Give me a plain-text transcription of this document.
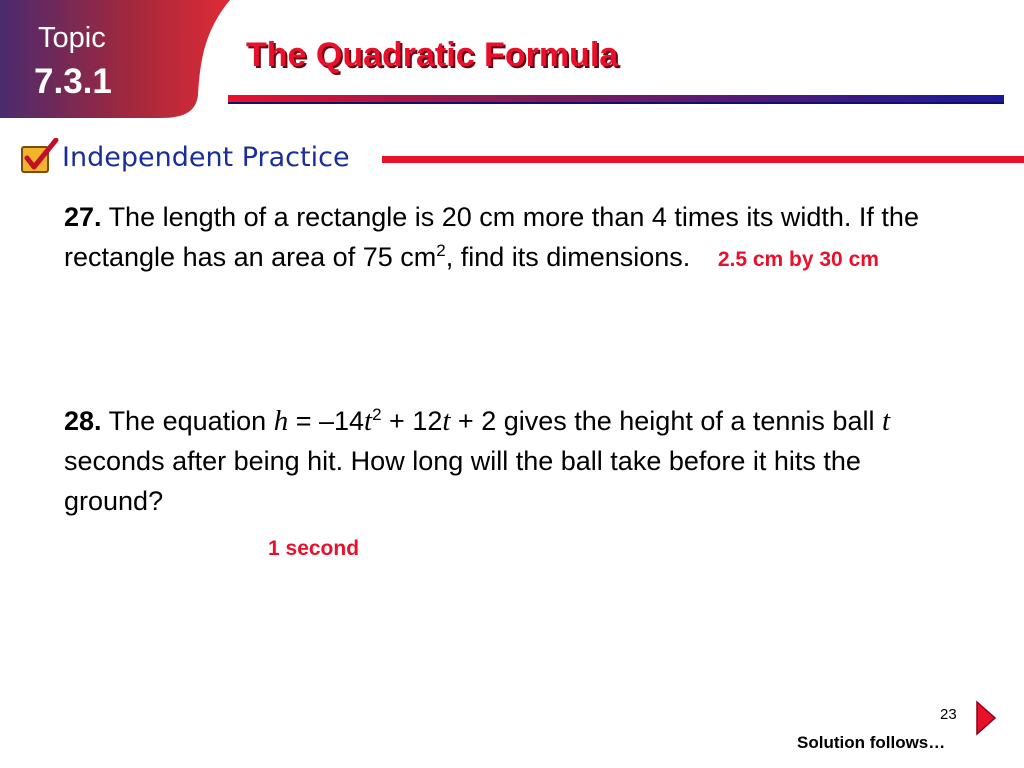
Topic
7.3.1
The Quadratic Formula
Independent Practice
27. The length of a rectangle is 20 cm more than 4 times its width. If the rectangle has an area of 75 $cm^2$, find its dimensions. 2.5 cm by 30 cm
28. The equation $h = -14t^2 + 12t + 2$ gives the height of a tennis ball t seconds after being hit. How long will the ball take before it hits the ground?
1 second
23
Solution follows…
